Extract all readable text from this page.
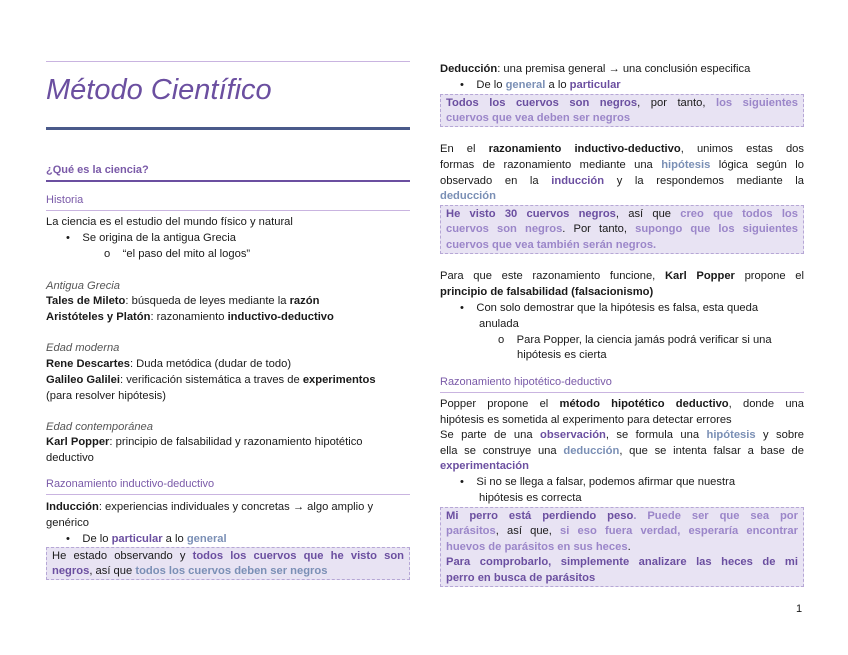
Método Científico
¿Qué es la ciencia?
Historia
La ciencia es el estudio del mundo físico y natural
•    Se origina de la antigua Grecia
o    “el paso del mito al logos”
Antigua Grecia
Tales de Mileto: búsqueda de leyes mediante la razón
Aristóteles y Platón: razonamiento inductivo-deductivo
Edad moderna
Rene Descartes: Duda metódica (dudar de todo)
Galileo Galilei: verificación sistemática a traves de experimentos
(para resolver hipótesis)
Edad contemporánea
Karl Popper: principio de falsabilidad y razonamiento hipotético
deductivo
Razonamiento inductivo-deductivo
Inducción: experiencias individuales y concretas → algo amplio y
genérico
•    De lo particular a lo general
He estado observando y todos los cuervos que he visto son
negros, así que todos los cuervos deben ser negros
Deducción: una premisa general → una conclusión especifica
•    De lo general a lo particular
Todos los cuervos son negros, por tanto, los siguientes
cuervos que vea deben ser negros
En el razonamiento inductivo-deductivo, unimos estas dos
formas de razonamiento mediante una hipótesis lógica según lo
observado en la inducción y la respondemos mediante la
deducción
He visto 30 cuervos negros, así que creo que todos los
cuervos son negros. Por tanto, supongo que los siguientes
cuervos que vea también serán negros.
Para que este razonamiento funcione, Karl Popper propone el
principio de falsabilidad (falsacionismo)
•    Con solo demostrar que la hipótesis es falsa, esta queda
anulada
o    Para Popper, la ciencia jamás podrá verificar si una
hipótesis es cierta
Razonamiento hipotético-deductivo
Popper propone el método hipotético deductivo, donde una
hipótesis es sometida al experimento para detectar errores
Se parte de una observación, se formula una hipótesis y sobre
ella se construye una deducción, que se intenta falsar a base de
experimentación
•    Si no se llega a falsar, podemos afirmar que nuestra
hipótesis es correcta
Mi perro está perdiendo peso. Puede ser que sea por
parásitos, así que, si eso fuera verdad, esperaría encontrar
huevos de parásitos en sus heces.
Para comprobarlo, simplemente analizare las heces de mi
perro en busca de parásitos
1
